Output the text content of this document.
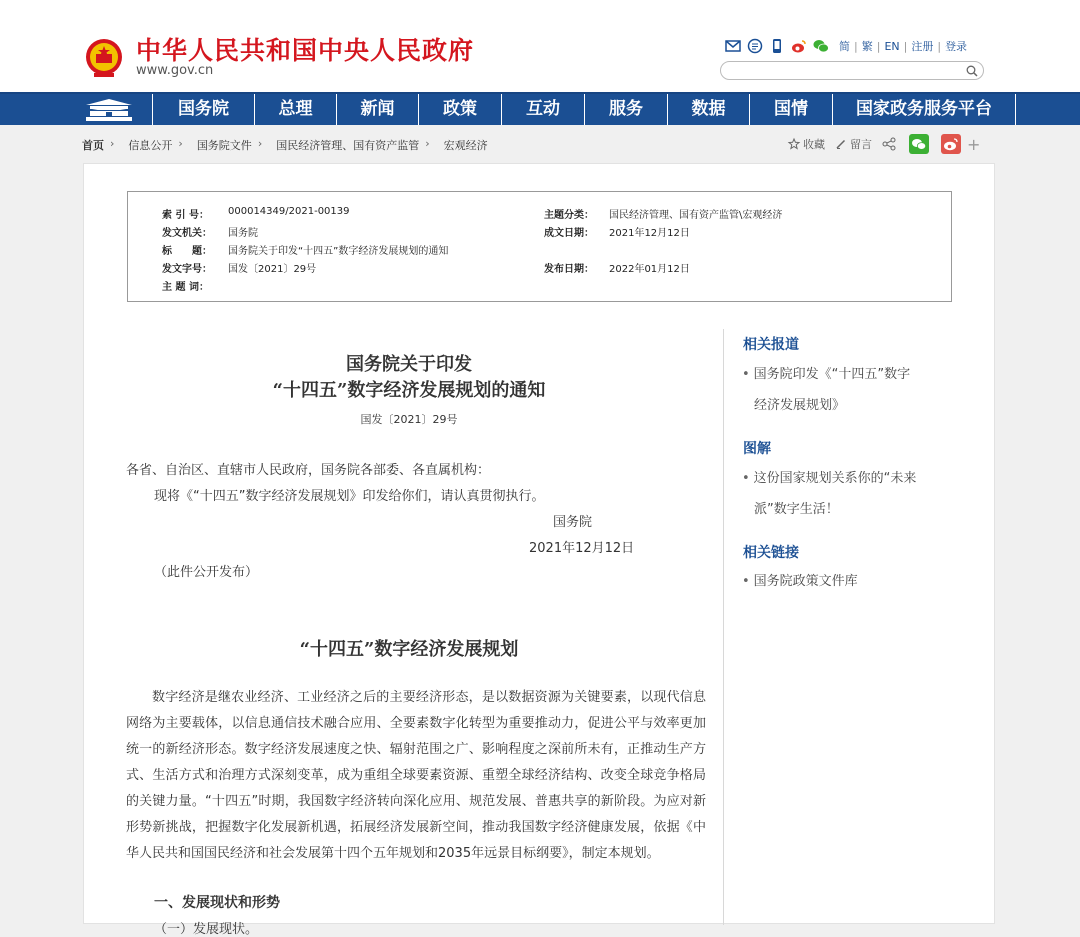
中华人民共和国中央人民政府
www.gov.cn
简 | 繁 | EN | 注册 | 登录
国务院	总理	新闻	政策	互动	服务	数据	国情	国家政务服务平台
首页 › 信息公开 › 国务院文件 › 国民经济管理、国有资产监管 › 宏观经济	收藏 留言	+
索 引 号： 000014349/2021-00139	主题分类： 国民经济管理、国有资产监管\宏观经济
发文机关： 国务院	成文日期： 2021年12月12日
标　　题： 国务院关于印发“十四五”数字经济发展规划的通知
发文字号： 国发〔2021〕29号	发布日期： 2022年01月12日
主 题 词：
国务院关于印发
“十四五”数字经济发展规划的通知
国发〔2021〕29号
各省、自治区、直辖市人民政府，国务院各部委、各直属机构：
现将《“十四五”数字经济发展规划》印发给你们，请认真贯彻执行。
国务院
2021年12月12日
（此件公开发布）
“十四五”数字经济发展规划
数字经济是继农业经济、工业经济之后的主要经济形态，是以数据资源为关键要素，以现代信息网络为主要载体，以信息通信技术融合应用、全要素数字化转型为重要推动力，促进公平与效率更加统一的新经济形态。数字经济发展速度之快、辐射范围之广、影响程度之深前所未有，正推动生产方式、生活方式和治理方式深刻变革，成为重组全球要素资源、重塑全球经济结构、改变全球竞争格局的关键力量。“十四五”时期，我国数字经济转向深化应用、规范发展、普惠共享的新阶段。为应对新形势新挑战，把握数字化发展新机遇，拓展经济发展新空间，推动我国数字经济健康发展，依据《中华人民共和国国民经济和社会发展第十四个五年规划和2035年远景目标纲要》，制定本规划。
一、发展现状和形势
（一）发展现状。
相关报道
• 国务院印发《“十四五”数字
经济发展规划》
图解
• 这份国家规划关系你的“未来
派”数字生活！
相关链接
• 国务院政策文件库
